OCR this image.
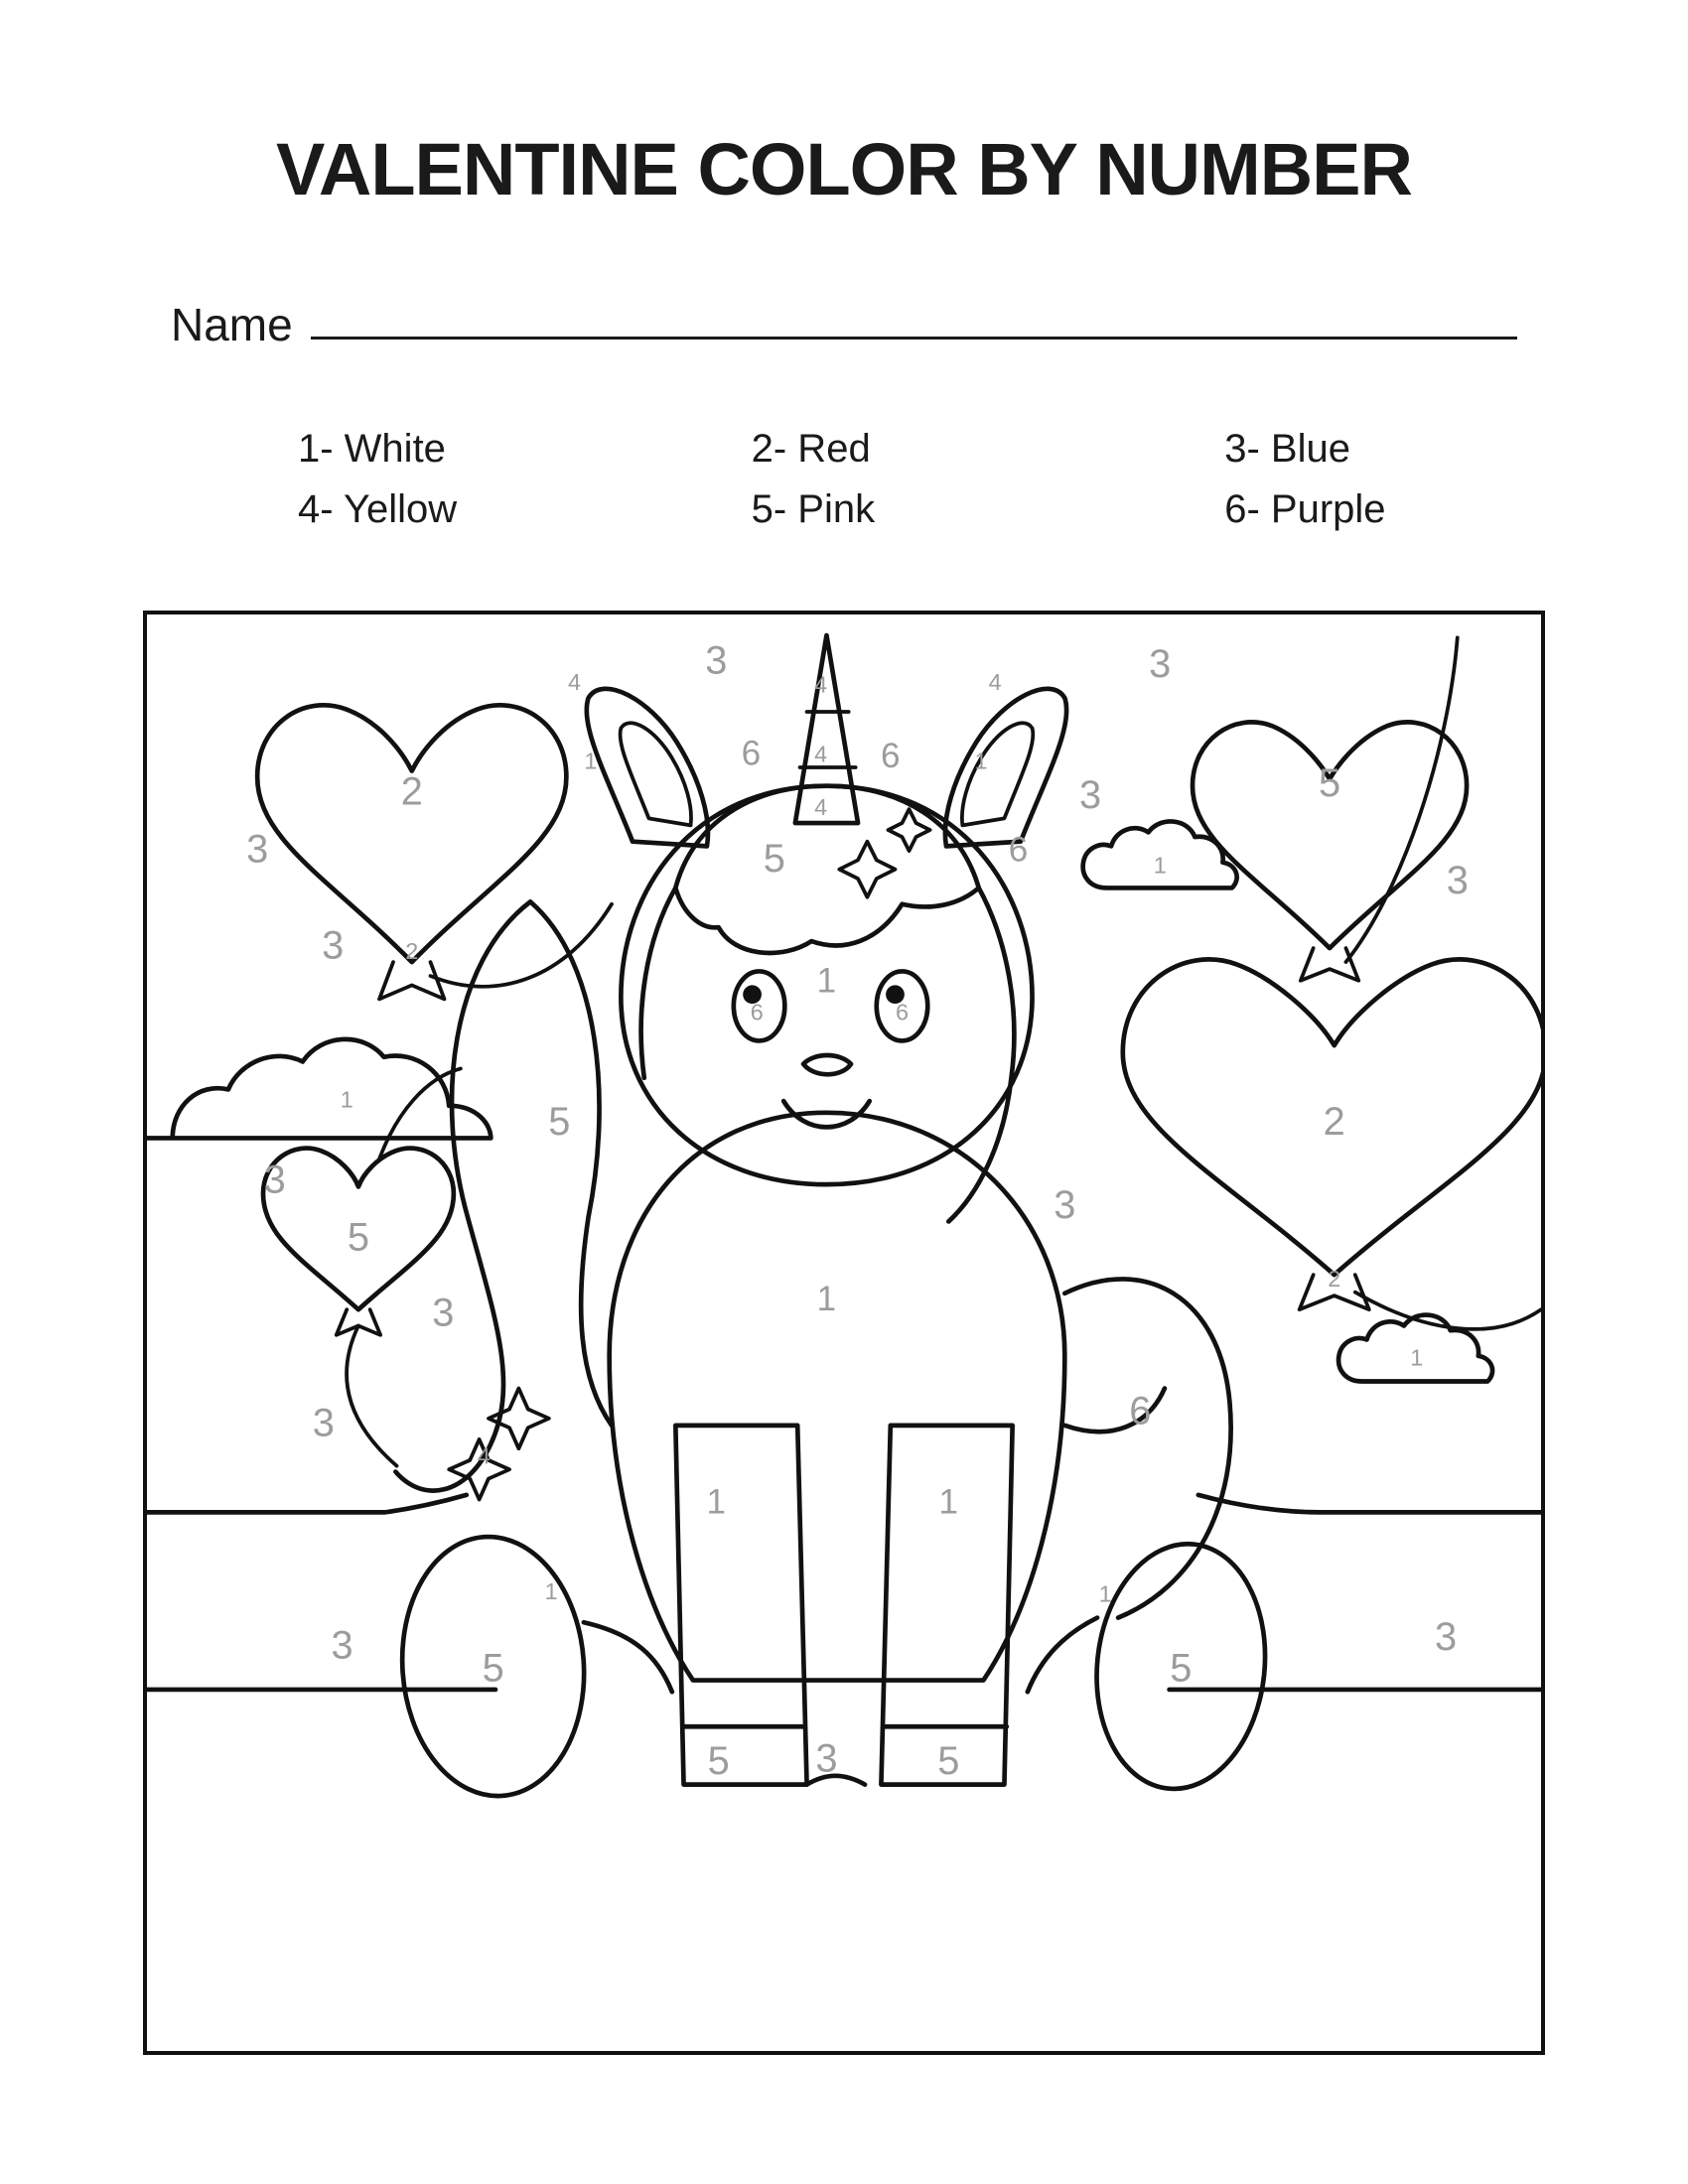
VALENTINE COLOR BY NUMBER
Name
1- White	2- Red	3- Blue
4- Yellow	5- Pink	6- Purple
4	3
4	4	3
1	6	4 6	1
3
2	5
4
5	6	1
3
3
2
3
1
6	6
1
5	2
3
5
3
3	1
2
1
3
4
6
1	1
1	1
3
5	5
3
5	3	5
